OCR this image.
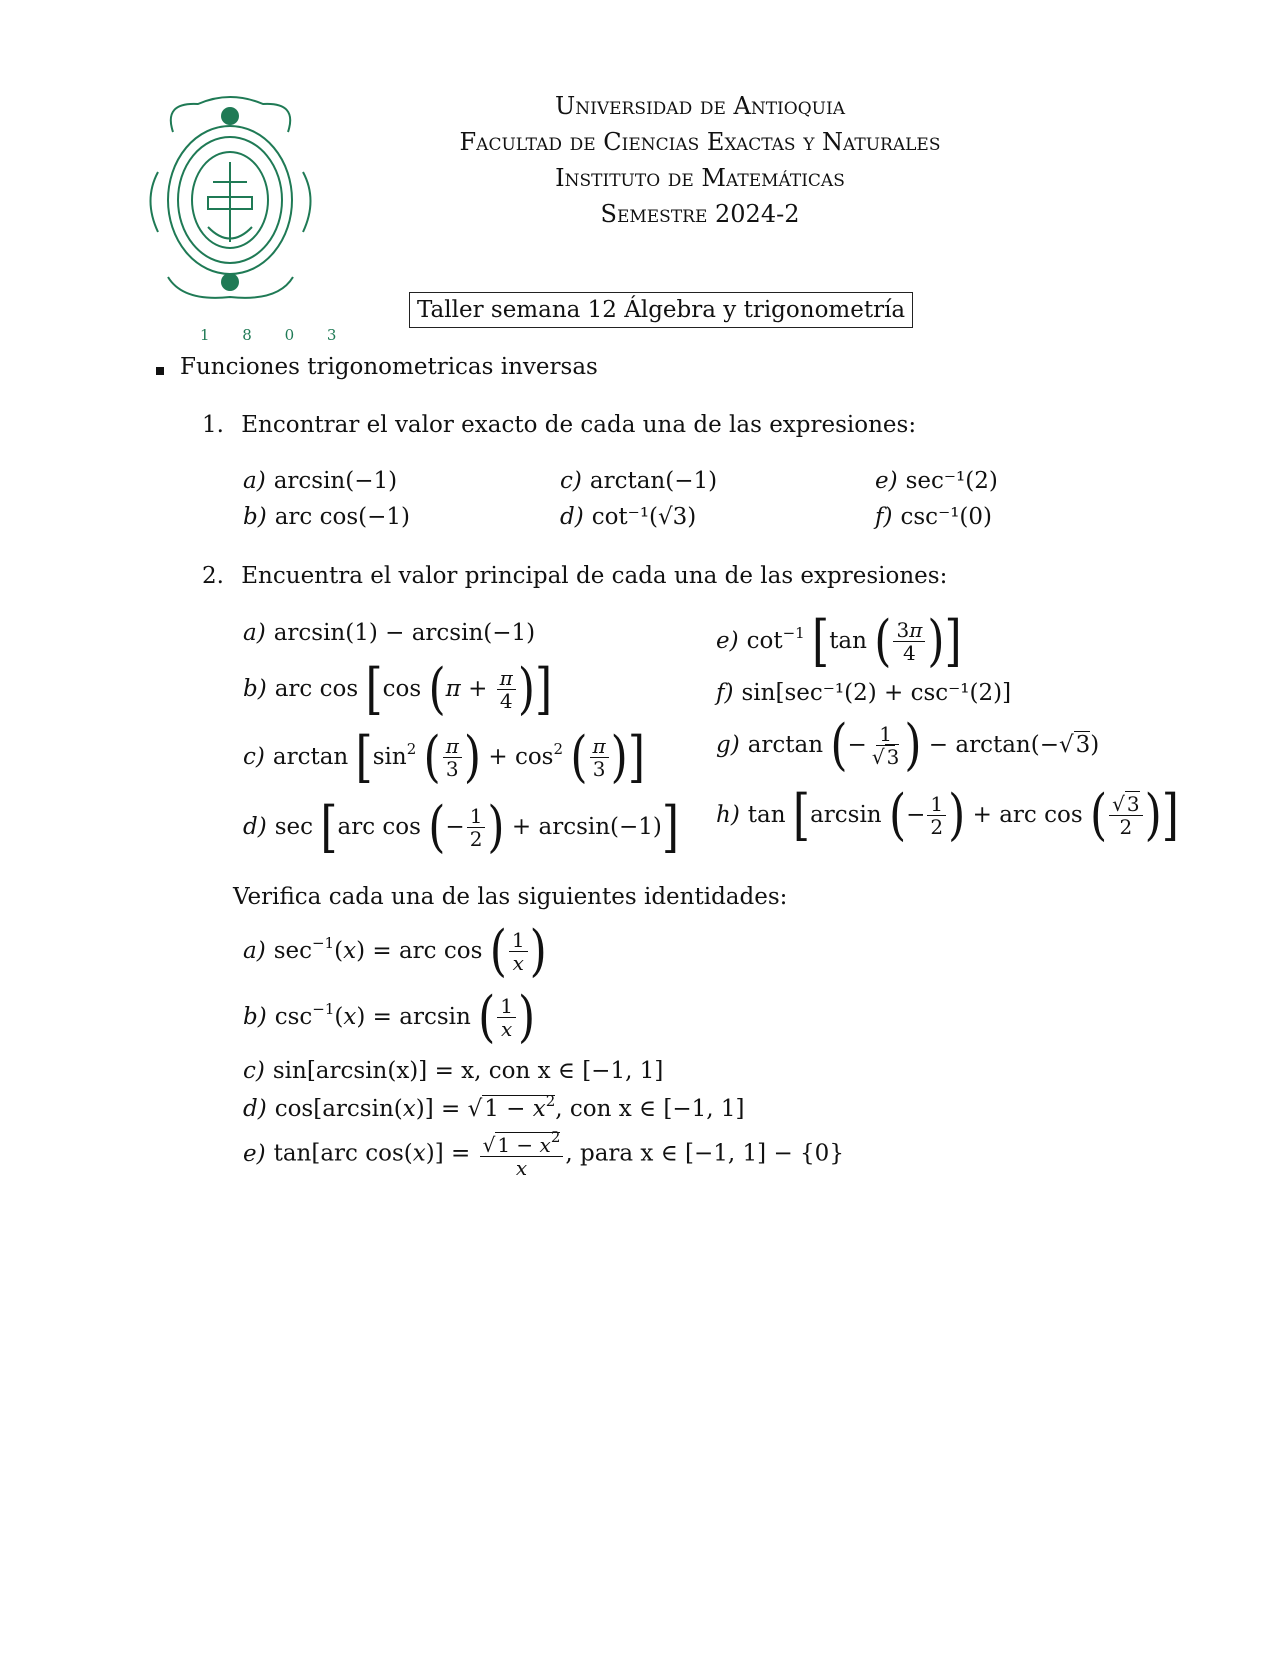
1 8 0 3
Universidad de Antioquia
Facultad de Ciencias Exactas y Naturales
Instituto de Matemáticas
Semestre 2024-2
Taller semana 12 Álgebra y trigonometría
Funciones trigonometricas inversas
1. Encontrar el valor exacto de cada una de las expresiones:
a) arcsin(−1)
b) arc cos(−1)
c) arctan(−1)
d) cot⁻¹(√3)
e) sec⁻¹(2)
f) csc⁻¹(0)
2. Encuentra el valor principal de cada una de las expresiones:
a) arcsin(1) − arcsin(−1)
b) arc cos [cos ($\pi + \frac{\pi}{4}$ )]
c) $\arctan [\sin^2$ ( $\frac{\pi}{3}$ ) + $\cos^2$ ( $\frac{\pi}{3}$ )]
d) sec [arc cos (− $\frac{1}{2}$ ) + arcsin(−1)]
e) $\cot^{-1} [\tan$ ( $\frac{3\pi}{4}$ )]
f) sin[sec⁻¹(2) + csc⁻¹(2)]
g) arctan (− $\frac{1}{√ 3}$ ) − arctan(−√3)
h) tan [arcsin (− $\frac{1}{2}$ ) + arc cos ( $\frac{√ 3}{2}$ )]
Verifica cada una de las siguientes identidades:
a) $\sec^{-1}(x)$ = arc cos ( $\frac{1}{x}$ )
b) $\csc^{-1}(x) = \arcsin$ ( $\frac{1}{x}$ )
c) sin[arcsin(x)] = x, con x ∈ [−1, 1]
d) $\cos[\arcsin(x)] = √1 - x^2$, con x ∈ [−1, 1]
e) tan[arc $\cos(x)] = \frac{√ 1 - x^2}{x}$ , para x ∈ [−1, 1] − {0}
